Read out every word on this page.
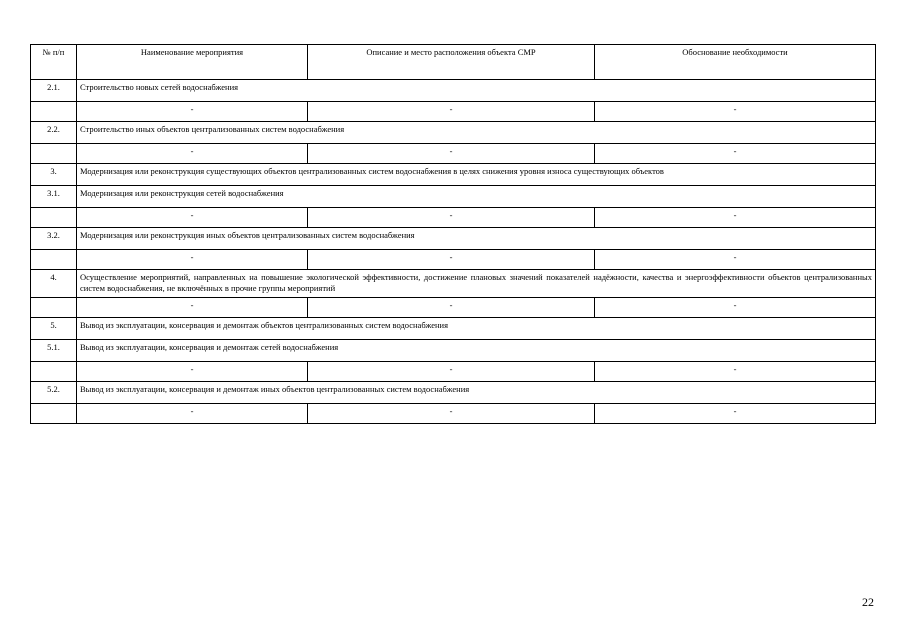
№ п/п	Наименование мероприятия	Описание и место расположения объекта СМР	Обоснование необходимости
2.1.	Строительство новых сетей водоснабжения		
	-	-	-
2.2.	Строительство иных объектов централизованных систем водоснабжения		
	-	-	-
3.	Модернизация или реконструкция существующих объектов централизованных систем водоснабжения в целях снижения уровня износа существующих объектов		
3.1.	Модернизация или реконструкция сетей водоснабжения		
	-	-	-
3.2.	Модернизация или реконструкция иных объектов централизованных систем водоснабжения		
	-	-	-
4.	Осуществление мероприятий, направленных на повышение экологической эффективности, достижение плановых значений показателей надёжности, качества и энергоэффективности объектов централизованных систем водоснабжения, не включённых в прочие группы мероприятий		
	-	-	-
5.	Вывод из эксплуатации, консервация и демонтаж объектов централизованных систем водоснабжения		
5.1.	Вывод из эксплуатации, консервация и демонтаж сетей водоснабжения		
	-	-	-
5.2.	Вывод из эксплуатации, консервация и демонтаж иных объектов централизованных систем водоснабжения		
	-	-	-
22
